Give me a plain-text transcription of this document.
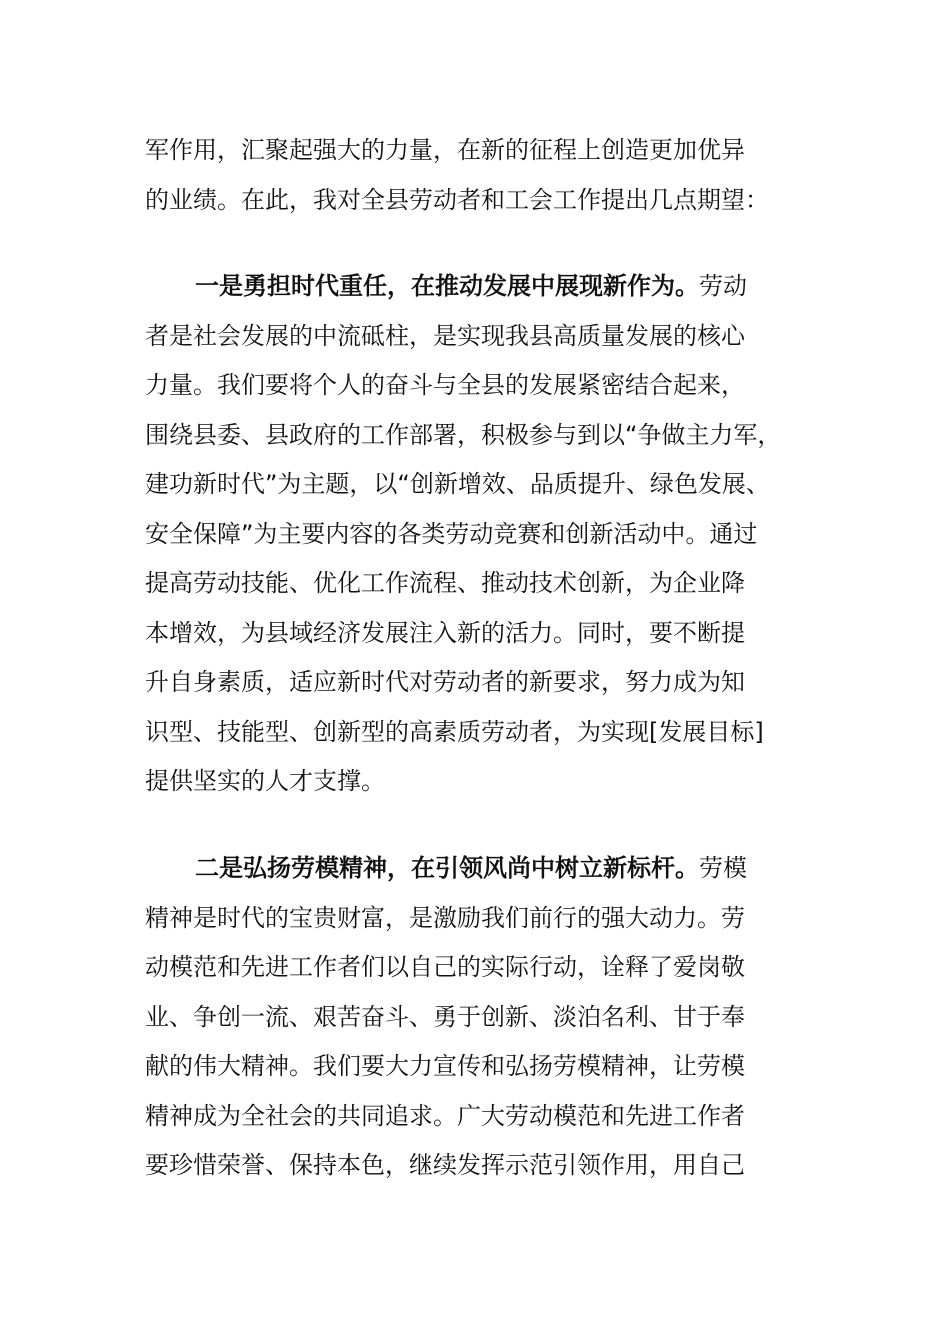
军作用，汇聚起强大的力量，在新的征程上创造更加优异
的业绩。在此，我对全县劳动者和工会工作提出几点期望：
一是勇担时代重任，在推动发展中展现新作为。劳动
者是社会发展的中流砥柱，是实现我县高质量发展的核心
力量。我们要将个人的奋斗与全县的发展紧密结合起来，
围绕县委、县政府的工作部署，积极参与到以“争做主力军，
建功新时代”为主题，以“创新增效、品质提升、绿色发展、
安全保障”为主要内容的各类劳动竞赛和创新活动中。通过
提高劳动技能、优化工作流程、推动技术创新，为企业降
本增效，为县域经济发展注入新的活力。同时，要不断提
升自身素质，适应新时代对劳动者的新要求，努力成为知
识型、技能型、创新型的高素质劳动者，为实现[发展目标]
提供坚实的人才支撑。
二是弘扬劳模精神，在引领风尚中树立新标杆。劳模
精神是时代的宝贵财富，是激励我们前行的强大动力。劳
动模范和先进工作者们以自己的实际行动，诠释了爱岗敬
业、争创一流、艰苦奋斗、勇于创新、淡泊名利、甘于奉
献的伟大精神。我们要大力宣传和弘扬劳模精神，让劳模
精神成为全社会的共同追求。广大劳动模范和先进工作者
要珍惜荣誉、保持本色，继续发挥示范引领作用，用自己
